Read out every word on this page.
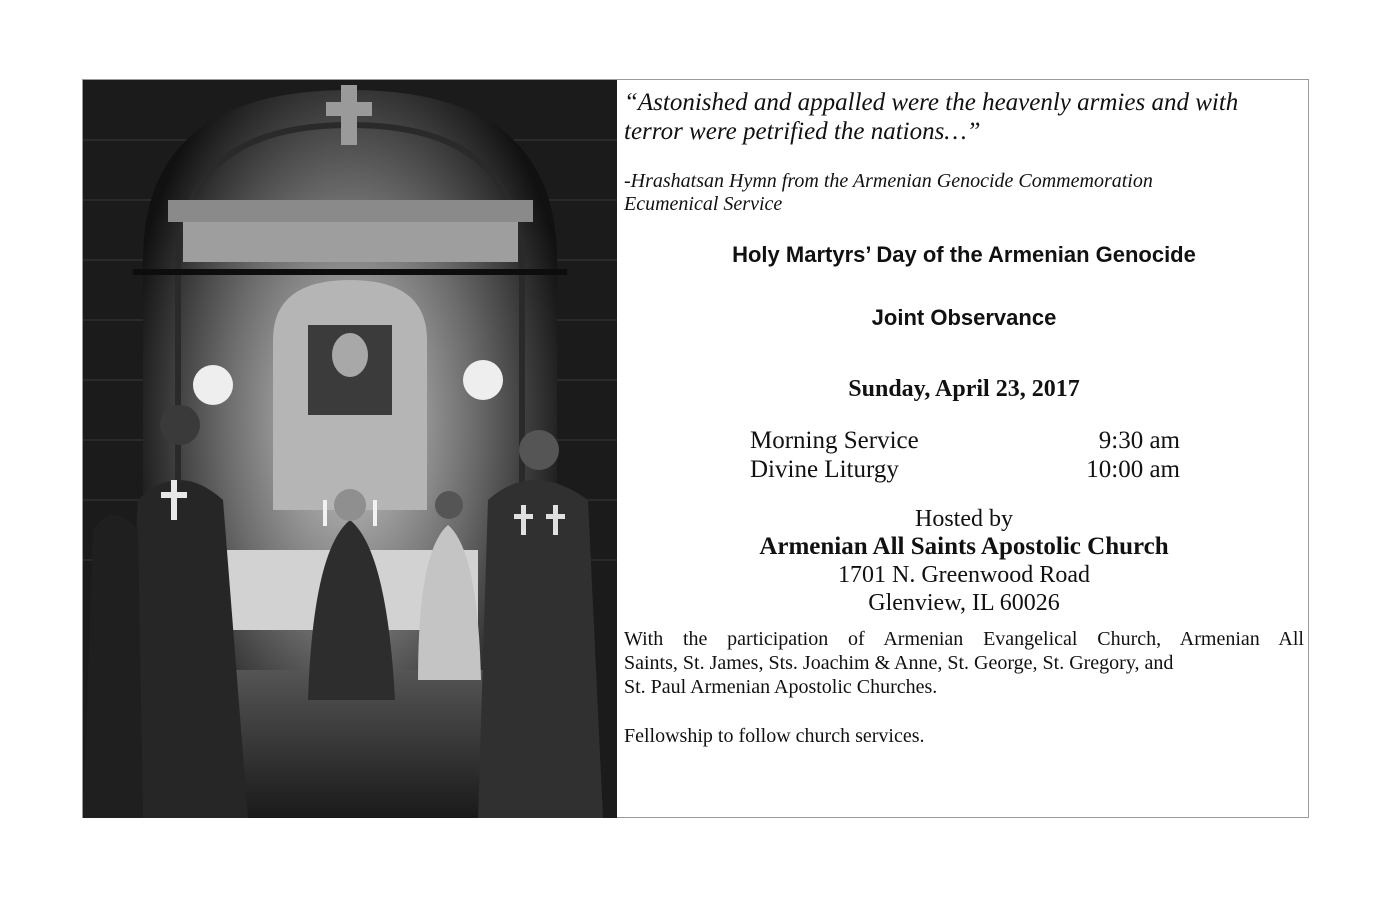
“Astonished and appalled were the heavenly armies and with
terror were petrified the nations…”
-Hrashatsan Hymn from the Armenian Genocide Commemoration
Ecumenical Service
Holy Martyrs’ Day of the Armenian Genocide
Joint Observance
Sunday, April 23, 2017
Morning Service	9:30 am
Divine Liturgy	10:00 am
Hosted by
Armenian All Saints Apostolic Church
1701 N. Greenwood Road
Glenview, IL 60026
With the participation of Armenian Evangelical Church, Armenian All
Saints, St. James, Sts. Joachim & Anne, St. George, St. Gregory, and
St. Paul Armenian Apostolic Churches.
Fellowship to follow church services.
